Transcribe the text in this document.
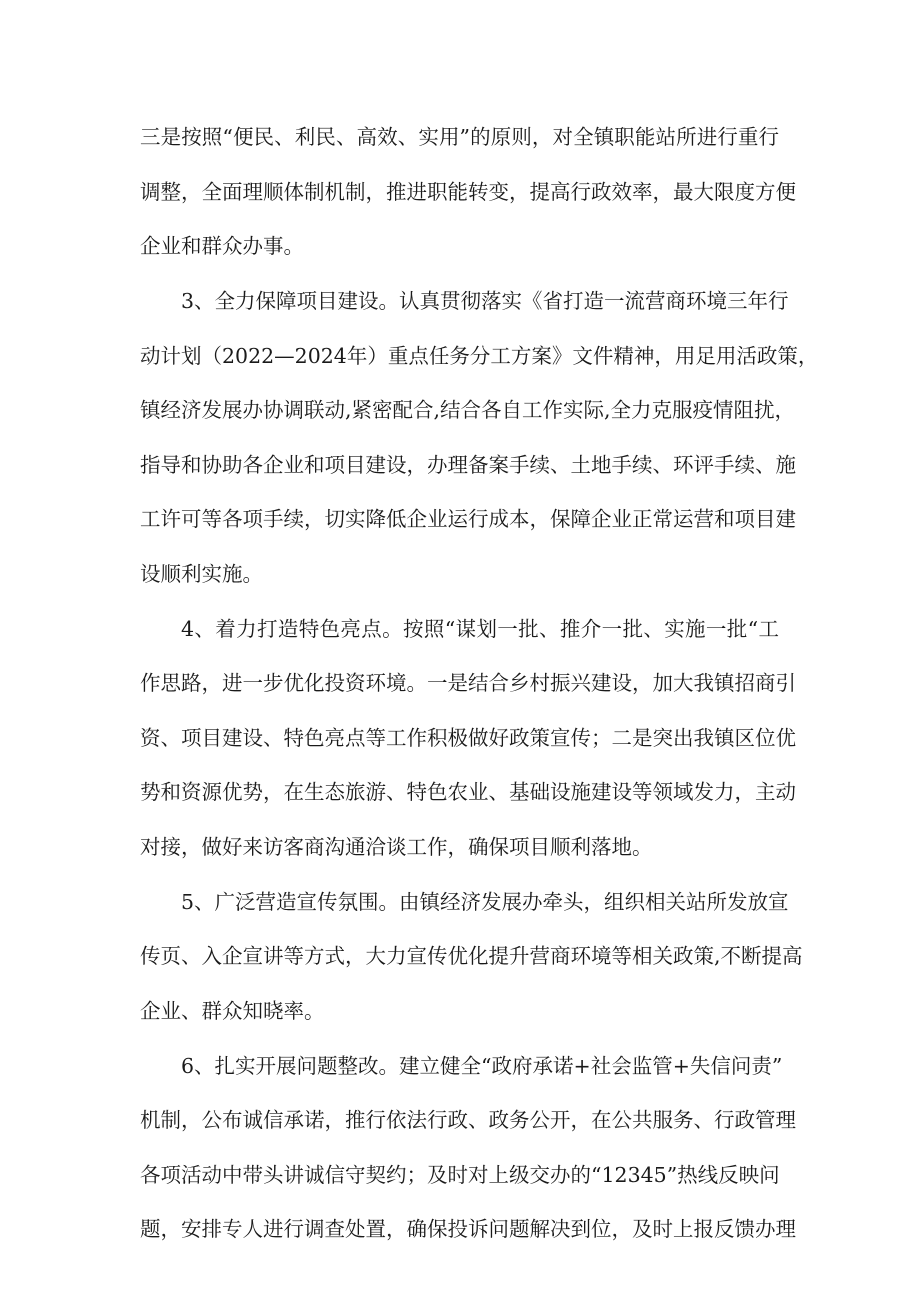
三是按照“便民、利民、高效、实用”的原则，对全镇职能站所进行重行
调整，全面理顺体制机制，推进职能转变，提高行政效率，最大限度方便
企业和群众办事。
3、全力保障项目建设。认真贯彻落实《省打造一流营商环境三年行
动计划（2022—2024年）重点任务分工方案》文件精神，用足用活政策，
镇经济发展办协调联动,紧密配合,结合各自工作实际,全力克服疫情阻扰，
指导和协助各企业和项目建设，办理备案手续、土地手续、环评手续、施
工许可等各项手续，切实降低企业运行成本，保障企业正常运营和项目建
设顺利实施。
4、着力打造特色亮点。按照“谋划一批、推介一批、实施一批“工
作思路，进一步优化投资环境。一是结合乡村振兴建设，加大我镇招商引
资、项目建设、特色亮点等工作积极做好政策宣传；二是突出我镇区位优
势和资源优势，在生态旅游、特色农业、基础设施建设等领域发力，主动
对接，做好来访客商沟通洽谈工作，确保项目顺利落地。
5、广泛营造宣传氛围。由镇经济发展办牵头，组织相关站所发放宣
传页、入企宣讲等方式，大力宣传优化提升营商环境等相关政策,不断提高
企业、群众知晓率。
6、扎实开展问题整改。建立健全“政府承诺+社会监管+失信问责”
机制，公布诚信承诺，推行依法行政、政务公开，在公共服务、行政管理
各项活动中带头讲诚信守契约；及时对上级交办的“12345”热线反映问
题，安排专人进行调查处置，确保投诉问题解决到位，及时上报反馈办理
